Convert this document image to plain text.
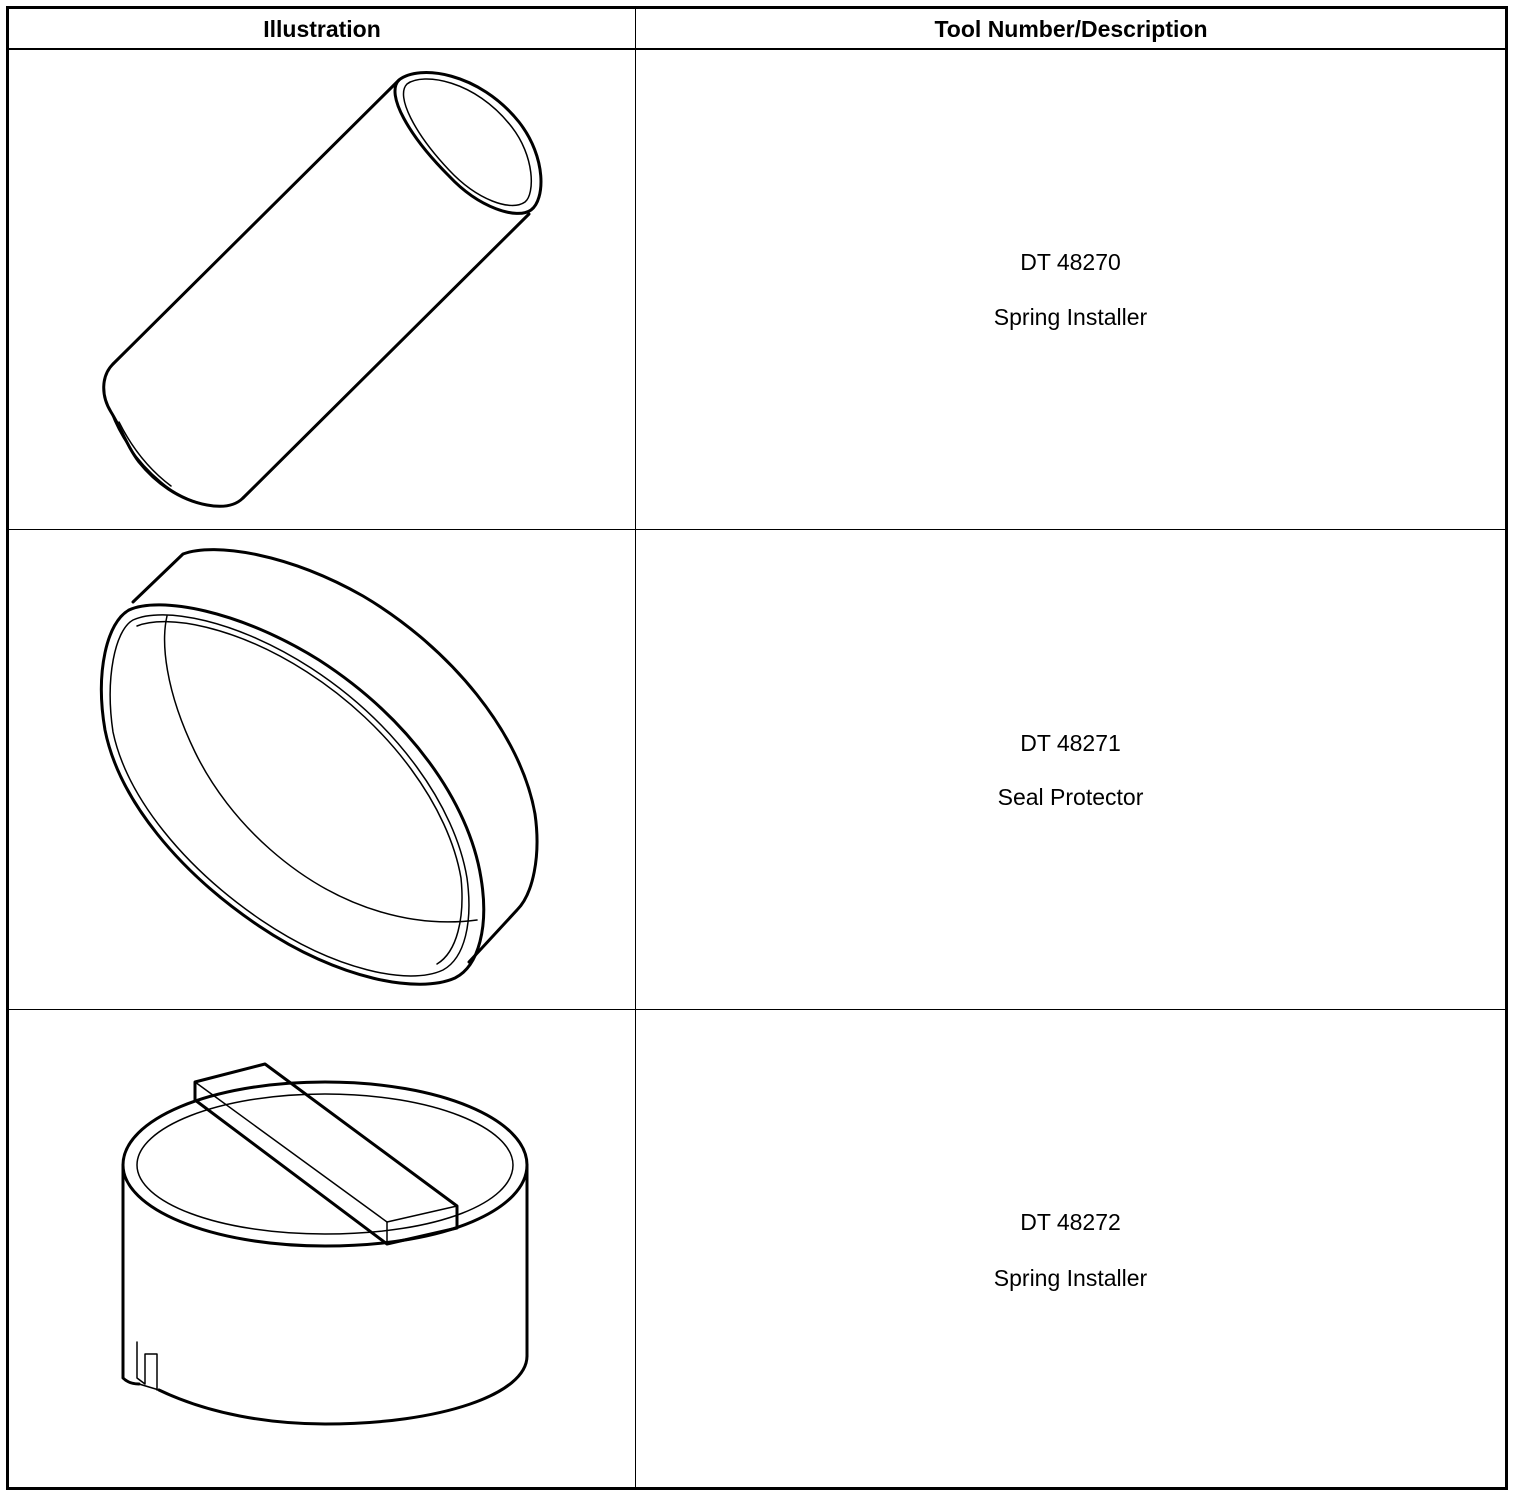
Illustration	Tool Number/Description
DT 48270
Spring Installer
DT 48271
Seal Protector
DT 48272
Spring Installer
